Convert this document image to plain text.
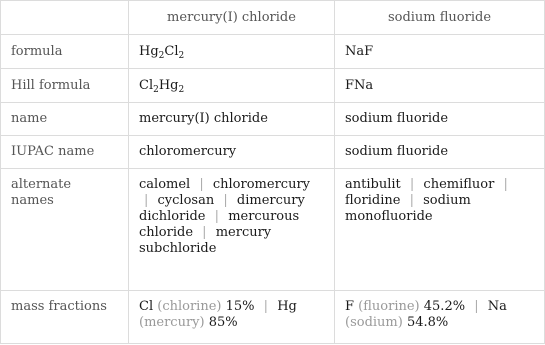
	mercury(I) chloride	sodium fluoride
formula	$Hg_2Cl_2$	NaF
Hill formula	$Cl_2Hg_2$	FNa
name	mercury(I) chloride	sodium fluoride
IUPAC name	chloromercury	sodium fluoride
alternate names	calomel | chloromercury | cyclosan | dimercury dichloride | mercurous chloride | mercury subchloride	antibulit | chemifluor | floridine | sodium monofluoride
mass fractions	Cl (chlorine) 15% | Hg (mercury) 85%	F (fluorine) 45.2% | Na (sodium) 54.8%
